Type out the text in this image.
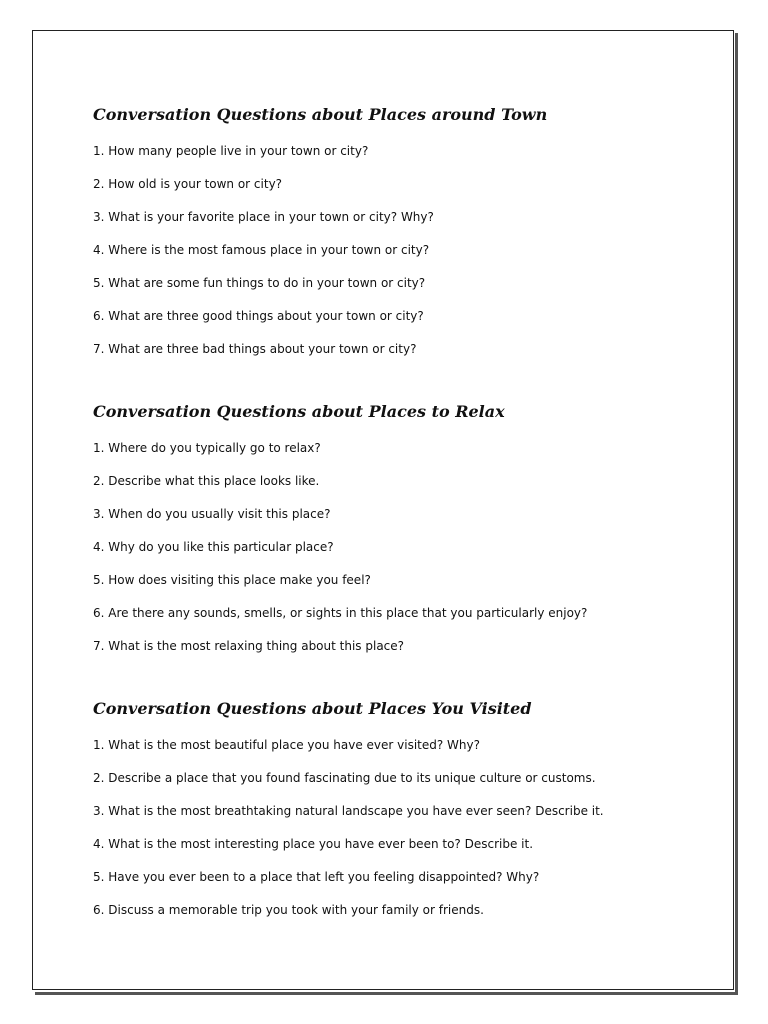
Conversation Questions about Places around Town
1. How many people live in your town or city?
2. How old is your town or city?
3. What is your favorite place in your town or city? Why?
4. Where is the most famous place in your town or city?
5. What are some fun things to do in your town or city?
6. What are three good things about your town or city?
7. What are three bad things about your town or city?
Conversation Questions about Places to Relax
1. Where do you typically go to relax?
2. Describe what this place looks like.
3. When do you usually visit this place?
4. Why do you like this particular place?
5. How does visiting this place make you feel?
6. Are there any sounds, smells, or sights in this place that you particularly enjoy?
7. What is the most relaxing thing about this place?
Conversation Questions about Places You Visited
1. What is the most beautiful place you have ever visited? Why?
2. Describe a place that you found fascinating due to its unique culture or customs.
3. What is the most breathtaking natural landscape you have ever seen? Describe it.
4. What is the most interesting place you have ever been to? Describe it.
5. Have you ever been to a place that left you feeling disappointed? Why?
6. Discuss a memorable trip you took with your family or friends.
